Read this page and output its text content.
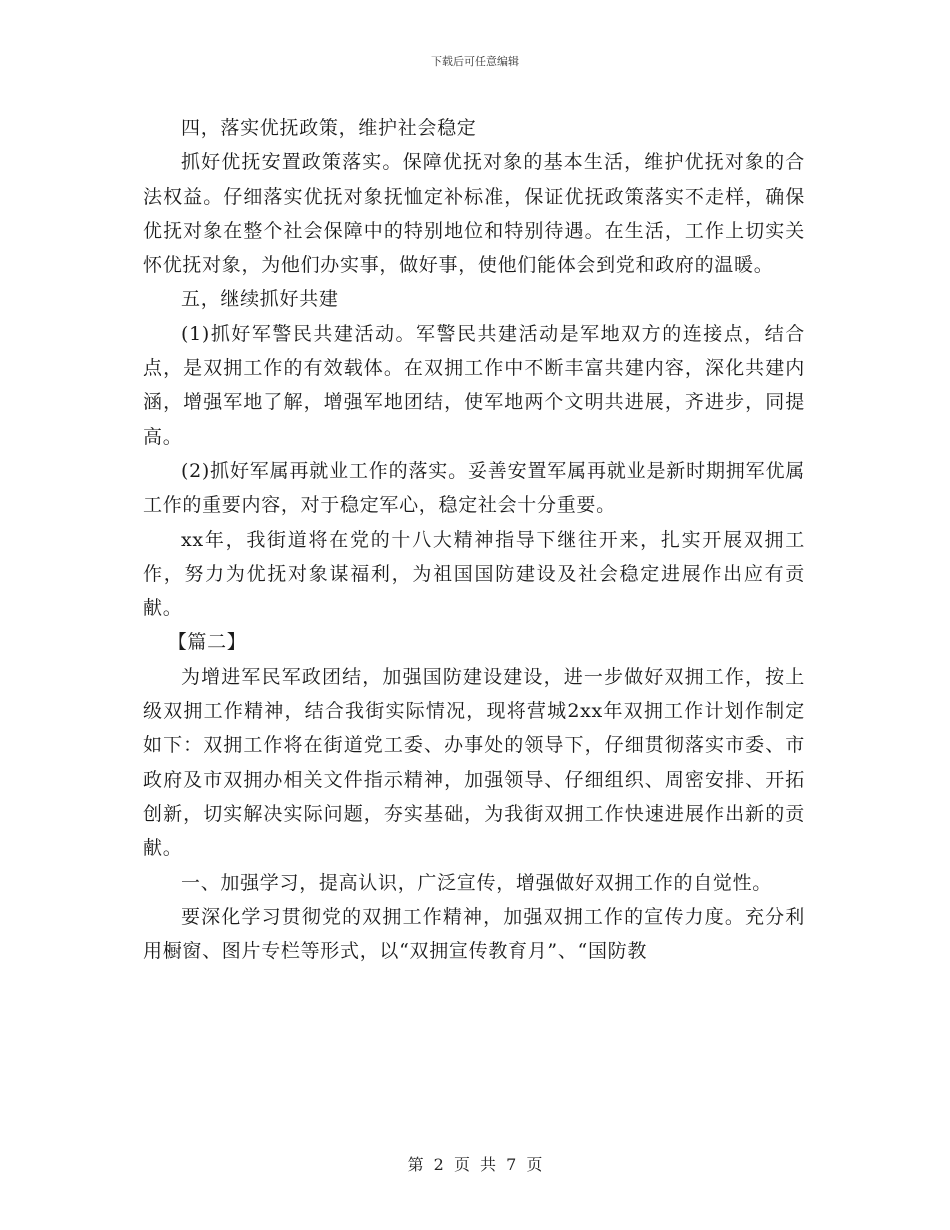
下载后可任意编辑

四，落实优抚政策，维护社会稳定

抓好优抚安置政策落实。保障优抚对象的基本生活，维护优抚对象的合法权益。仔细落实优抚对象抚恤定补标准，保证优抚政策落实不走样，确保优抚对象在整个社会保障中的特别地位和特别待遇。在生活，工作上切实关怀优抚对象，为他们办实事，做好事，使他们能体会到党和政府的温暖。

五，继续抓好共建

(1)抓好军警民共建活动。军警民共建活动是军地双方的连接点，结合点，是双拥工作的有效载体。在双拥工作中不断丰富共建内容，深化共建内涵，增强军地了解，增强军地团结，使军地两个文明共进展，齐进步，同提高。

(2)抓好军属再就业工作的落实。妥善安置军属再就业是新时期拥军优属工作的重要内容，对于稳定军心，稳定社会十分重要。

xx年，我街道将在党的十八大精神指导下继往开来，扎实开展双拥工作，努力为优抚对象谋福利，为祖国国防建设及社会稳定进展作出应有贡献。

【篇二】

为增进军民军政团结，加强国防建设建设，进一步做好双拥工作，按上级双拥工作精神，结合我街实际情况，现将营城2xx年双拥工作计划作制定如下：双拥工作将在街道党工委、办事处的领导下，仔细贯彻落实市委、市政府及市双拥办相关文件指示精神，加强领导、仔细组织、周密安排、开拓创新，切实解决实际问题，夯实基础，为我街双拥工作快速进展作出新的贡献。

一、加强学习，提高认识，广泛宣传，增强做好双拥工作的自觉性。

要深化学习贯彻党的双拥工作精神，加强双拥工作的宣传力度。充分利用橱窗、图片专栏等形式，以“双拥宣传教育月”、“国防教

第 2 页 共 7 页
